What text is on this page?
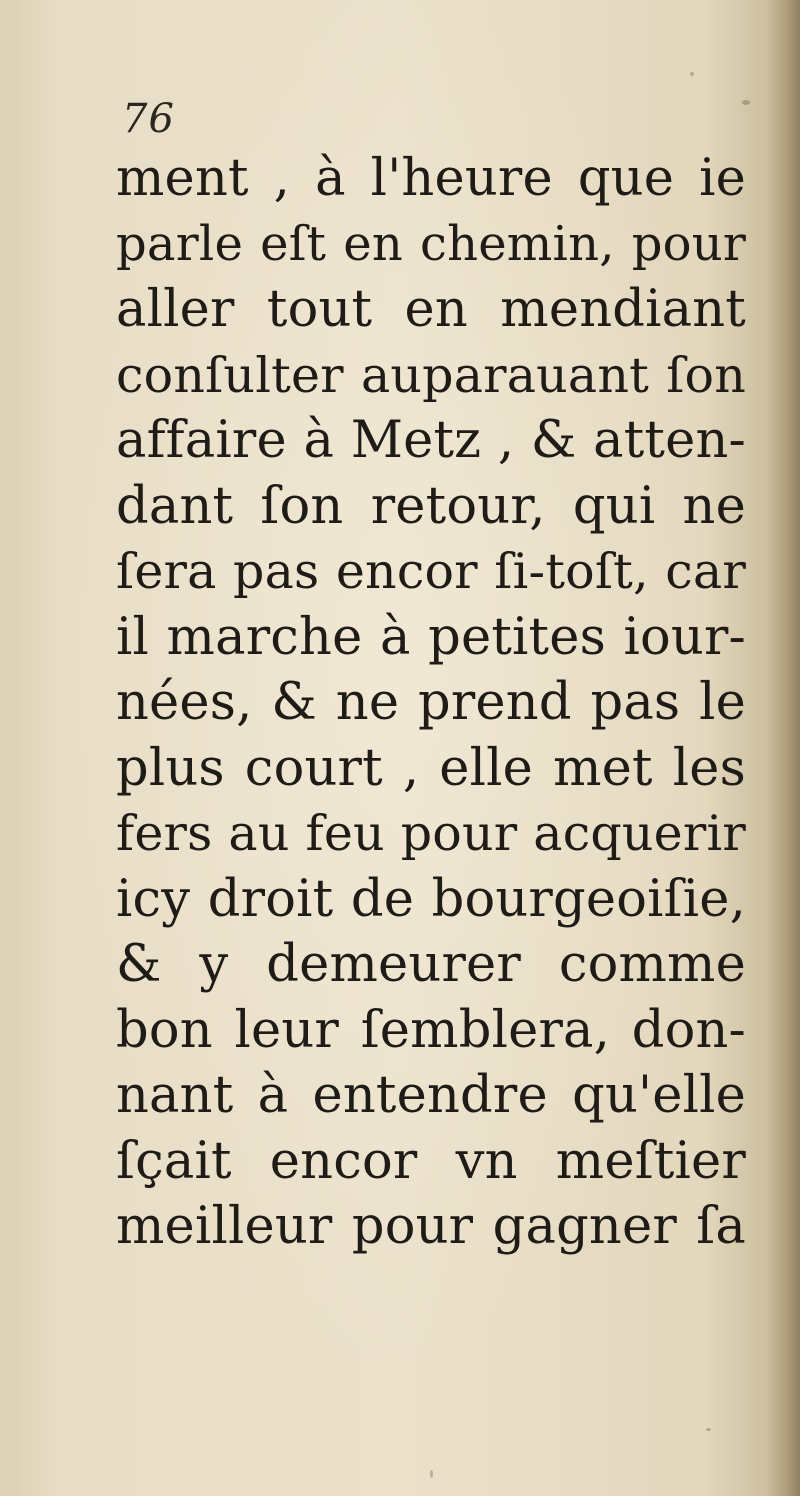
76
ment , à l'heure que ie
parle eſt en chemin, pour
aller tout en mendiant
conſulter auparauant ſon
affaire à Metz , & atten-
dant ſon retour, qui ne
ſera pas encor ſi-toſt, car
il marche à petites iour-
nées, & ne prend pas le
plus court , elle met les
fers au feu pour acquerir
icy droit de bourgeoiſie,
& y demeurer comme
bon leur ſemblera, don-
nant à entendre qu'elle
ſçait encor vn meſtier
meilleur pour gagner ſa
